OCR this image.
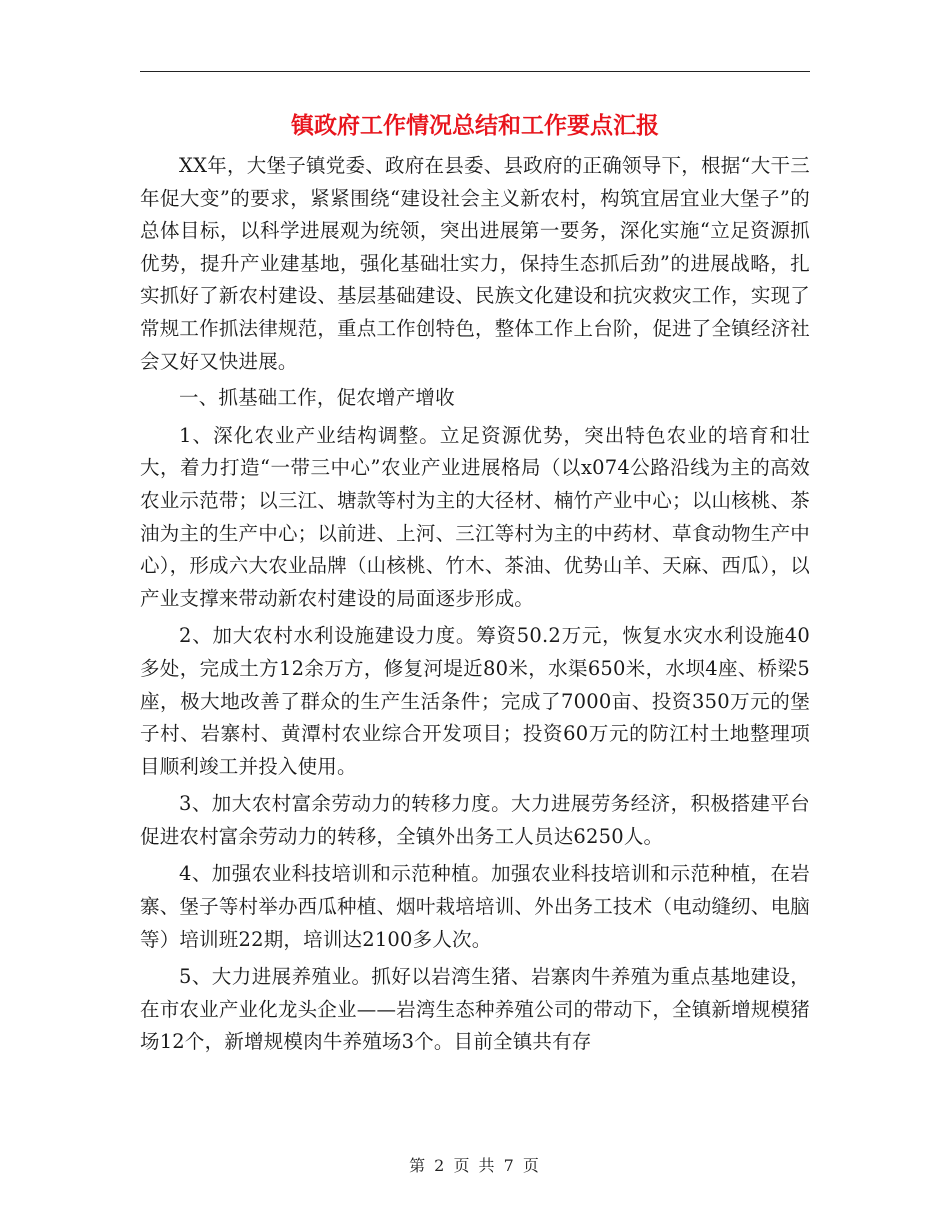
镇政府工作情况总结和工作要点汇报

XX年，大堡子镇党委、政府在县委、县政府的正确领导下，根据“大干三年促大变”的要求，紧紧围绕“建设社会主义新农村，构筑宜居宜业大堡子”的总体目标，以科学进展观为统领，突出进展第一要务，深化实施“立足资源抓优势，提升产业建基地，强化基础壮实力，保持生态抓后劲”的进展战略，扎实抓好了新农村建设、基层基础建设、民族文化建设和抗灾救灾工作，实现了常规工作抓法律规范，重点工作创特色，整体工作上台阶，促进了全镇经济社会又好又快进展。

一、抓基础工作，促农增产增收

1、深化农业产业结构调整。立足资源优势，突出特色农业的培育和壮大，着力打造“一带三中心”农业产业进展格局（以x074公路沿线为主的高效农业示范带；以三江、塘款等村为主的大径材、楠竹产业中心；以山核桃、茶油为主的生产中心；以前进、上河、三江等村为主的中药材、草食动物生产中心），形成六大农业品牌（山核桃、竹木、茶油、优势山羊、天麻、西瓜），以产业支撑来带动新农村建设的局面逐步形成。

2、加大农村水利设施建设力度。筹资50.2万元，恢复水灾水利设施40多处，完成土方12余万方，修复河堤近80米，水渠650米，水坝4座、桥梁5座，极大地改善了群众的生产生活条件；完成了7000亩、投资350万元的堡子村、岩寨村、黄潭村农业综合开发项目；投资60万元的防江村土地整理项目顺利竣工并投入使用。

3、加大农村富余劳动力的转移力度。大力进展劳务经济，积极搭建平台促进农村富余劳动力的转移，全镇外出务工人员达6250人。

4、加强农业科技培训和示范种植。加强农业科技培训和示范种植，在岩寨、堡子等村举办西瓜种植、烟叶栽培培训、外出务工技术（电动缝纫、电脑等）培训班22期，培训达2100多人次。

5、大力进展养殖业。抓好以岩湾生猪、岩寨肉牛养殖为重点基地建设，在市农业产业化龙头企业——岩湾生态种养殖公司的带动下，全镇新增规模猪场12个，新增规模肉牛养殖场3个。目前全镇共有存

第 2 页 共 7 页
